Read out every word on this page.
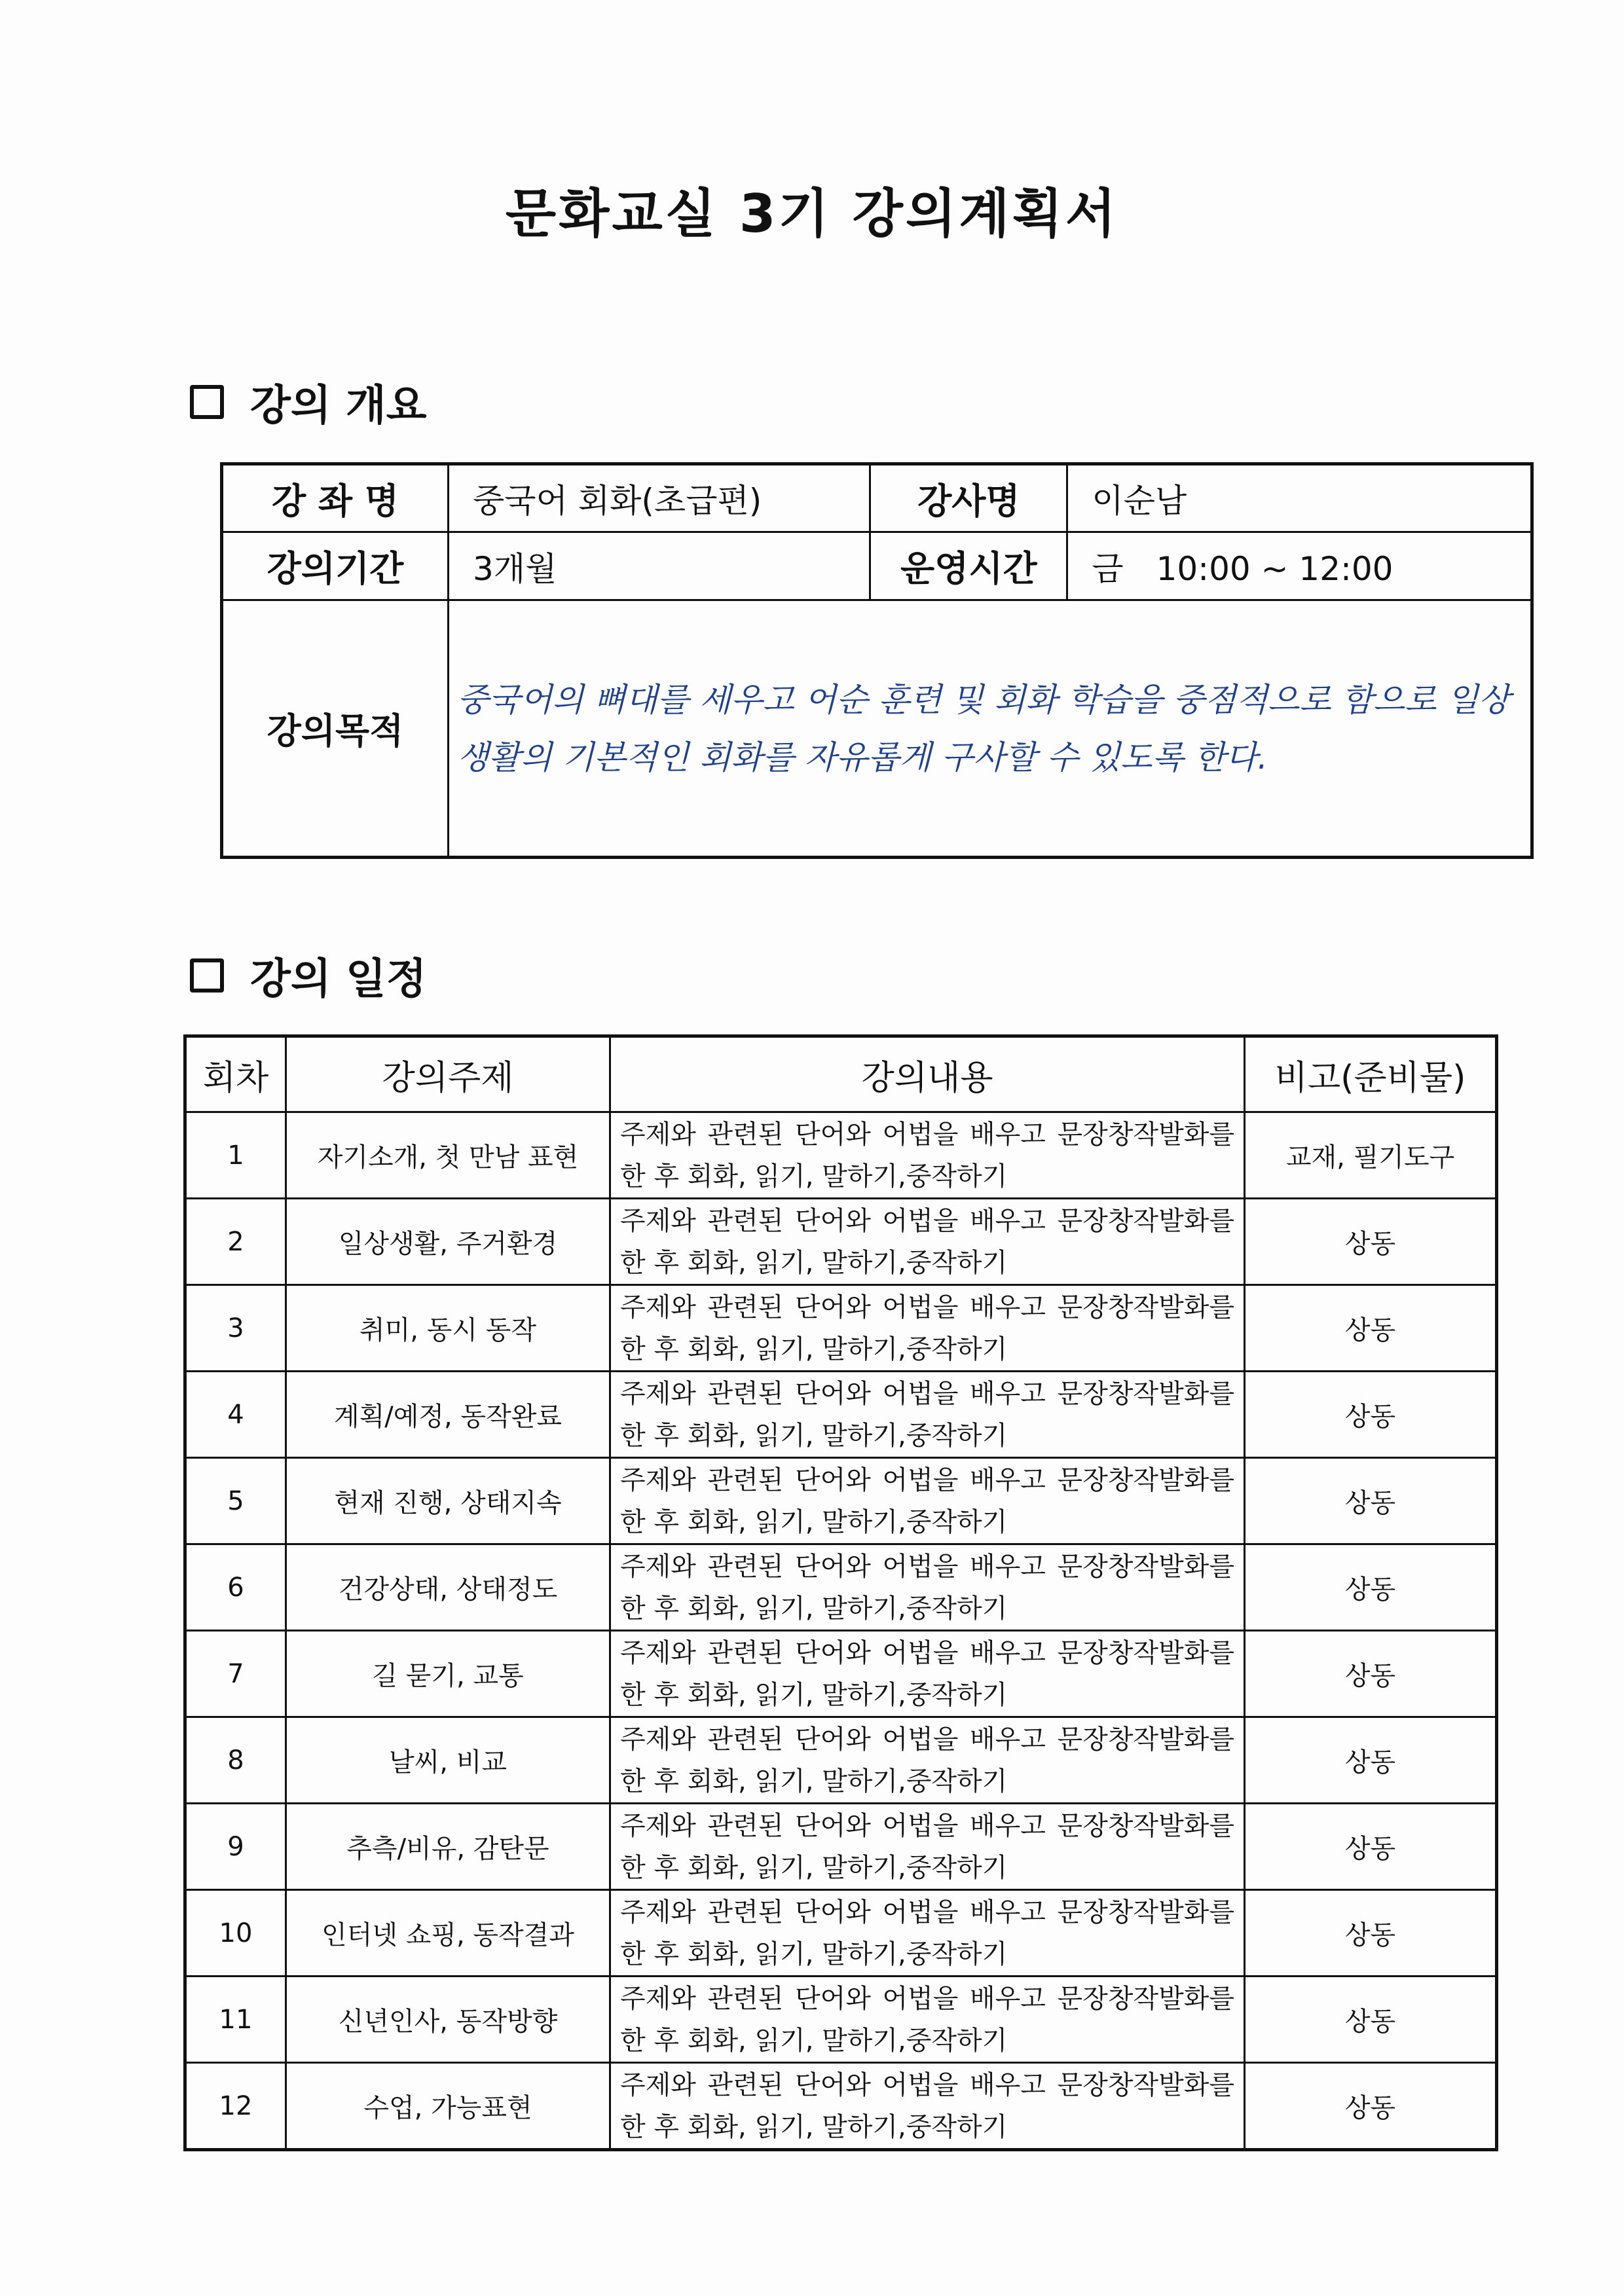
문화교실 3기 강의계획서
강의 개요
강 좌 명	중국어 회화(초급편)	강사명	이순남
강의기간	3개월	운영시간	금　10:00 ~ 12:00
강의목적	중국어의 뼈대를 세우고 어순 훈련 및 회화 학습을 중점적으로 함으로 일상생활의 기본적인 회화를 자유롭게 구사할 수 있도록 한다.		
강의 일정
회차	강의주제	강의내용	비고(준비물)
1	자기소개, 첫 만남 표현	주제와 관련된 단어와 어법을 배우고 문장창작발화를 한 후 회화, 읽기, 말하기,중작하기	교재, 필기도구
2	일상생활, 주거환경	주제와 관련된 단어와 어법을 배우고 문장창작발화를 한 후 회화, 읽기, 말하기,중작하기	상동
3	취미, 동시 동작	주제와 관련된 단어와 어법을 배우고 문장창작발화를 한 후 회화, 읽기, 말하기,중작하기	상동
4	계획/예정, 동작완료	주제와 관련된 단어와 어법을 배우고 문장창작발화를 한 후 회화, 읽기, 말하기,중작하기	상동
5	현재 진행, 상태지속	주제와 관련된 단어와 어법을 배우고 문장창작발화를 한 후 회화, 읽기, 말하기,중작하기	상동
6	건강상태, 상태정도	주제와 관련된 단어와 어법을 배우고 문장창작발화를 한 후 회화, 읽기, 말하기,중작하기	상동
7	길 묻기, 교통	주제와 관련된 단어와 어법을 배우고 문장창작발화를 한 후 회화, 읽기, 말하기,중작하기	상동
8	날씨, 비교	주제와 관련된 단어와 어법을 배우고 문장창작발화를 한 후 회화, 읽기, 말하기,중작하기	상동
9	추측/비유, 감탄문	주제와 관련된 단어와 어법을 배우고 문장창작발화를 한 후 회화, 읽기, 말하기,중작하기	상동
10	인터넷 쇼핑, 동작결과	주제와 관련된 단어와 어법을 배우고 문장창작발화를 한 후 회화, 읽기, 말하기,중작하기	상동
11	신년인사, 동작방향	주제와 관련된 단어와 어법을 배우고 문장창작발화를 한 후 회화, 읽기, 말하기,중작하기	상동
12	수업, 가능표현	주제와 관련된 단어와 어법을 배우고 문장창작발화를 한 후 회화, 읽기, 말하기,중작하기	상동
